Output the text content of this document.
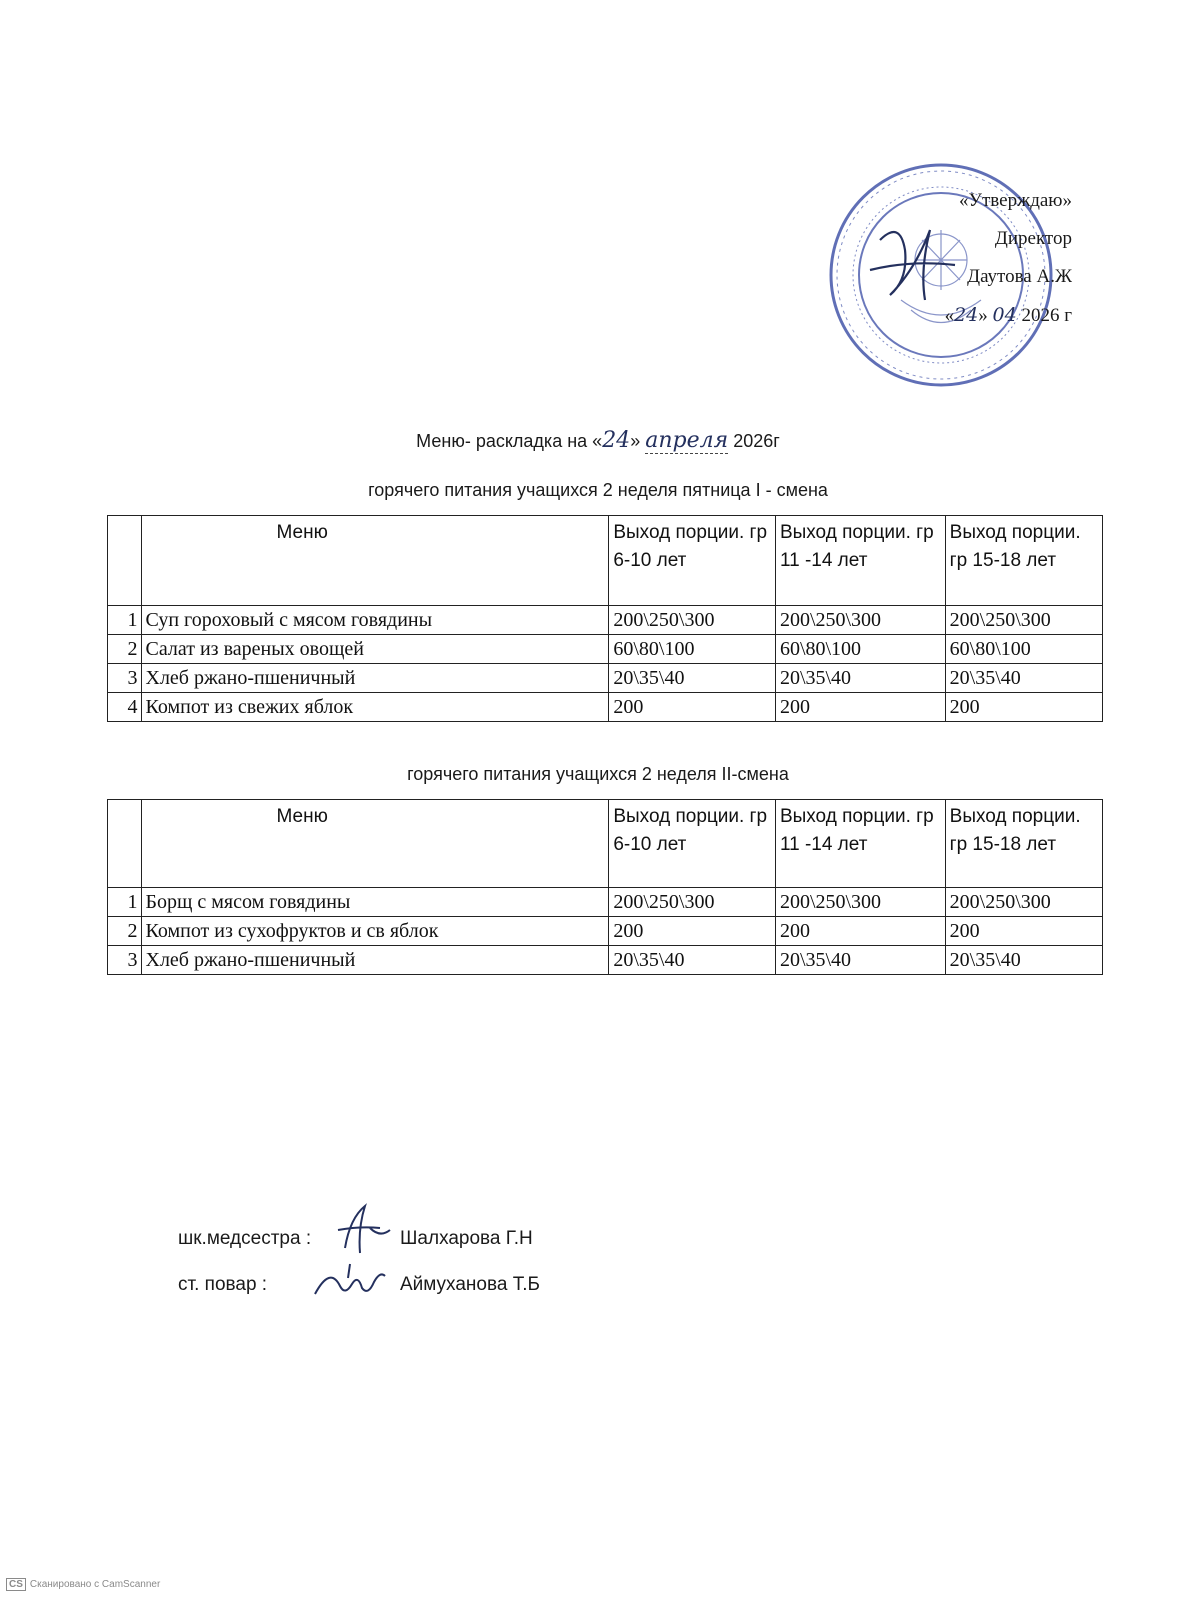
«Утверждаю»
Директор
Даутова А.Ж
«24» 04 2026 г
Меню- раскладка на «24» апреля 2026г
горячего питания учащихся 2 неделя пятница I - смена
	Меню	Выход порции. гр 6-10 лет	Выход порции. гр 11 -14 лет	Выход порции. гр 15-18 лет
1	Суп гороховый с мясом говядины	200\250\300	200\250\300	200\250\300
2	Салат из вареных овощей	60\80\100	60\80\100	60\80\100
3	Хлеб ржано-пшеничный	20\35\40	20\35\40	20\35\40
4	Компот из свежих яблок	200	200	200
горячего питания учащихся 2 неделя II-смена
	Меню	Выход порции. гр 6-10 лет	Выход порции. гр 11 -14 лет	Выход порции. гр 15-18 лет
1	Борщ с мясом говядины	200\250\300	200\250\300	200\250\300
2	Компот из сухофруктов и св яблок	200	200	200
3	Хлеб ржано-пшеничный	20\35\40	20\35\40	20\35\40
шк.медсестра :	Шалхарова Г.Н
ст. повар :	Аймуханова Т.Б
CS Сканировано с CamScanner
